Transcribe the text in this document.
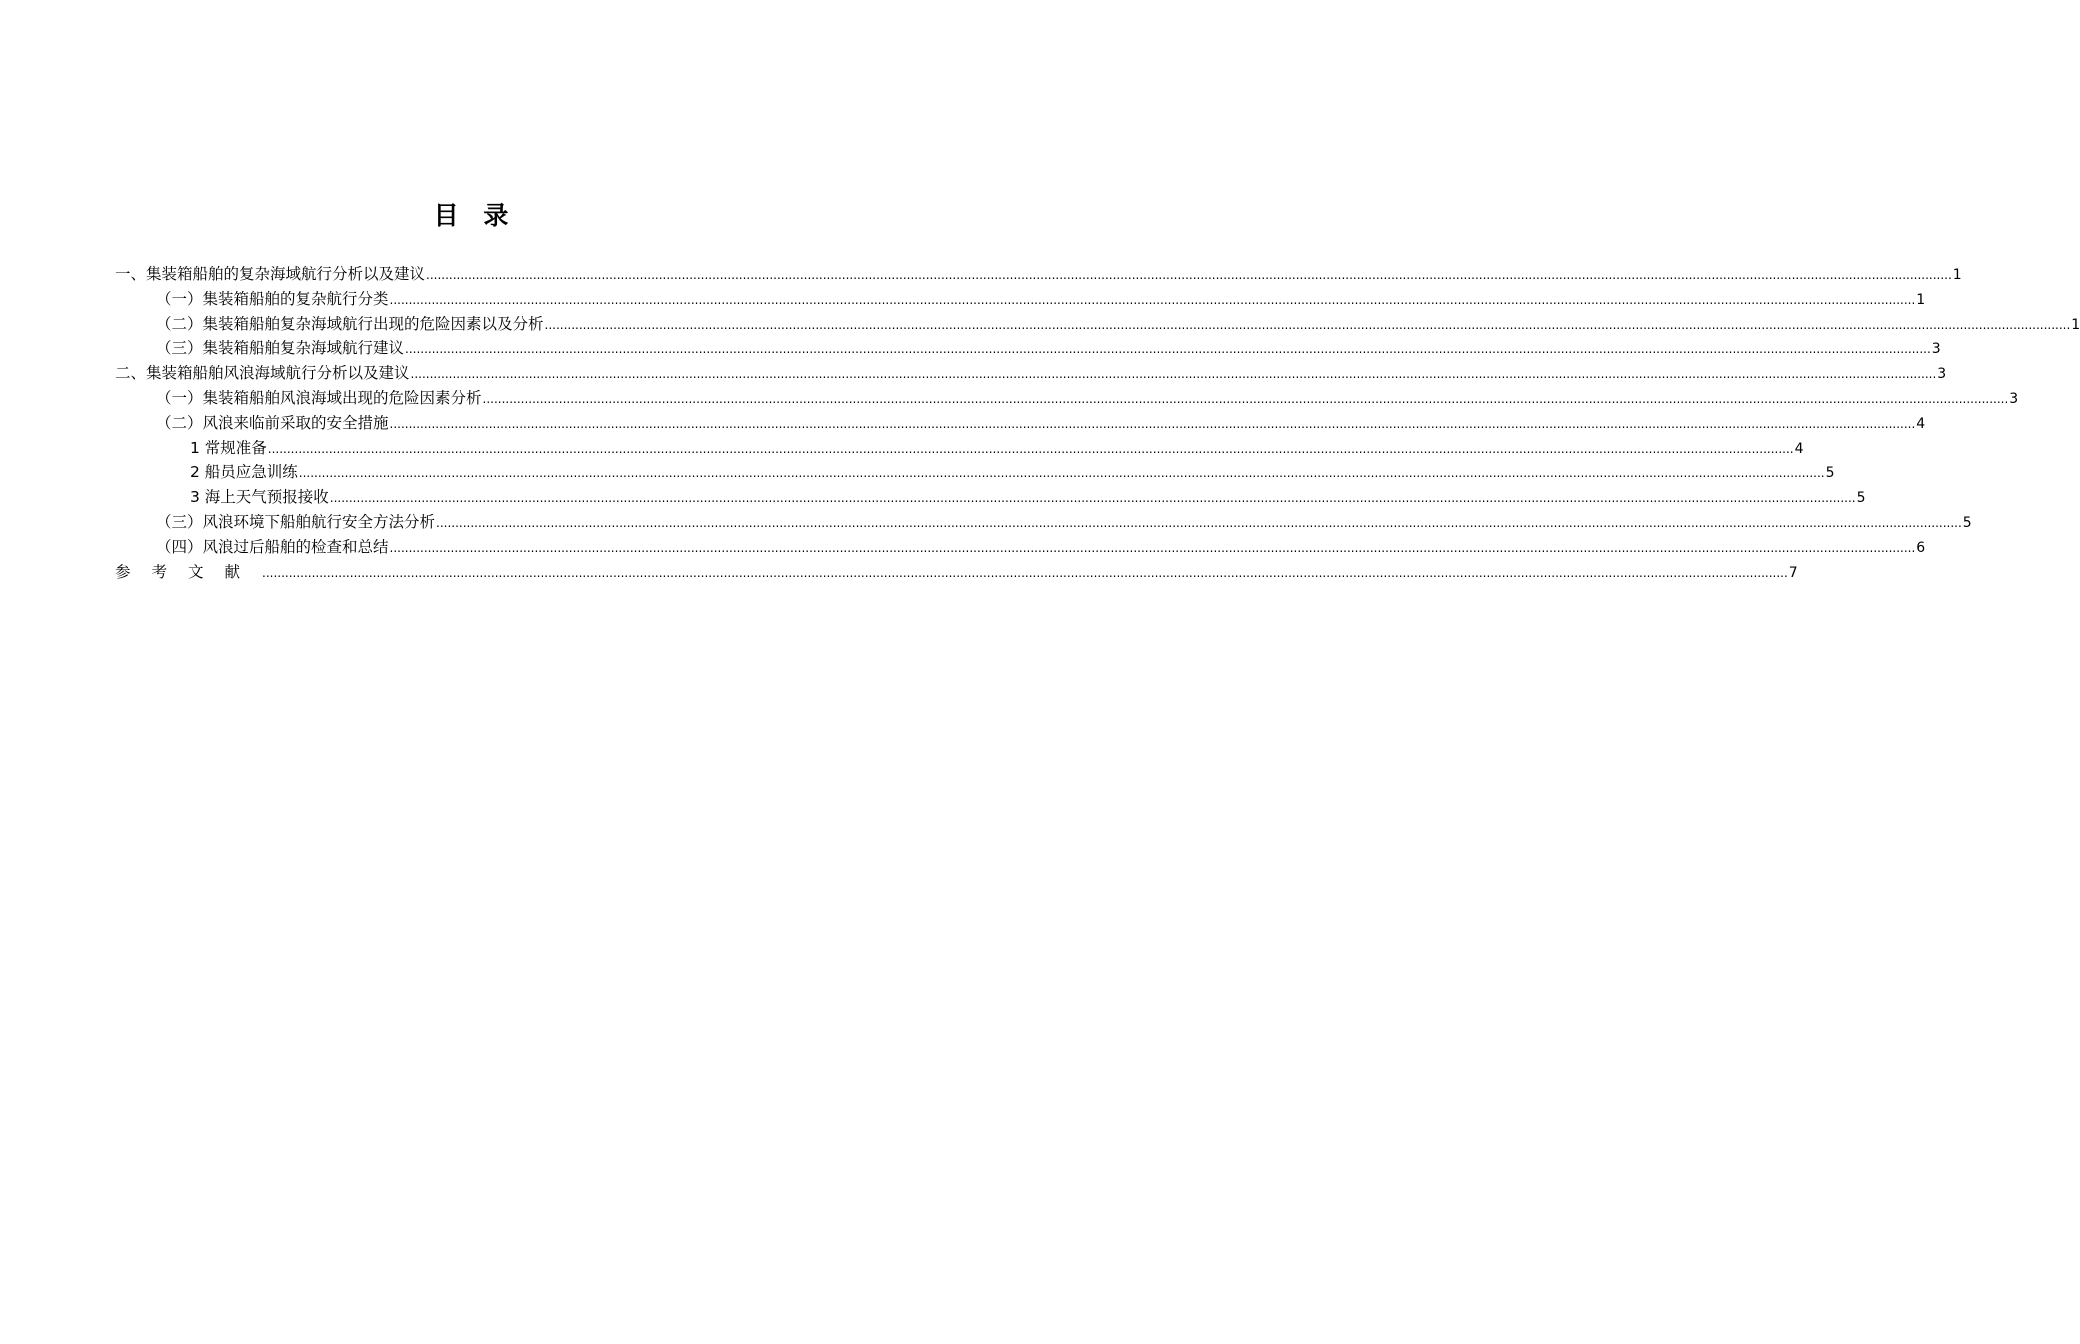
目 录
一、集装箱船舶的复杂海域航行分析以及建议 ................................................................................................................................................................................................................................................................................................................................................................................................................ 1
（一）集装箱船舶的复杂航行分类 ................................................................................................................................................................................................................................................................................................................................................................................................................ 1
（二）集装箱船舶复杂海域航行出现的危险因素以及分析 ................................................................................................................................................................................................................................................................................................................................................................................................................ 1
（三）集装箱船舶复杂海域航行建议 ................................................................................................................................................................................................................................................................................................................................................................................................................ 3
二、集装箱船舶风浪海域航行分析以及建议 ................................................................................................................................................................................................................................................................................................................................................................................................................ 3
（一）集装箱船舶风浪海域出现的危险因素分析 ................................................................................................................................................................................................................................................................................................................................................................................................................ 3
（二）风浪来临前采取的安全措施 ................................................................................................................................................................................................................................................................................................................................................................................................................ 4
1 常规准备 ................................................................................................................................................................................................................................................................................................................................................................................................................ 4
2 船员应急训练 ................................................................................................................................................................................................................................................................................................................................................................................................................ 5
3 海上天气预报接收 ................................................................................................................................................................................................................................................................................................................................................................................................................ 5
（三）风浪环境下船舶航行安全方法分析 ................................................................................................................................................................................................................................................................................................................................................................................................................ 5
（四）风浪过后船舶的检查和总结 ................................................................................................................................................................................................................................................................................................................................................................................................................ 6
参考文献 ................................................................................................................................................................................................................................................................................................................................................................................................................ 7
